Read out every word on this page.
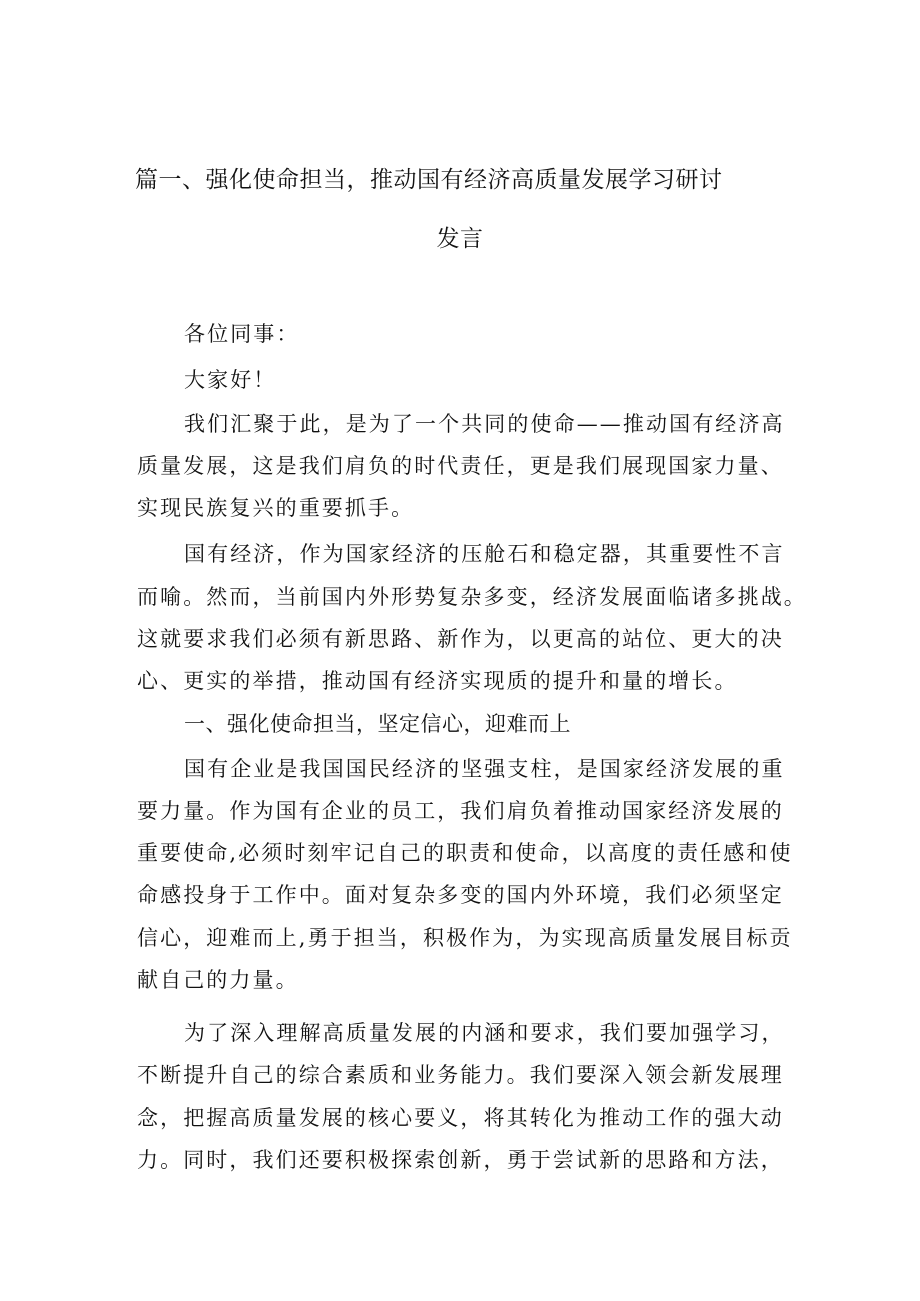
篇一、强化使命担当，推动国有经济高质量发展学习研讨
发言
各位同事：
大家好！
我们汇聚于此，是为了一个共同的使命——推动国有经济高
质量发展，这是我们肩负的时代责任，更是我们展现国家力量、
实现民族复兴的重要抓手。
国有经济，作为国家经济的压舱石和稳定器，其重要性不言
而喻。然而，当前国内外形势复杂多变，经济发展面临诸多挑战。
这就要求我们必须有新思路、新作为，以更高的站位、更大的决
心、更实的举措，推动国有经济实现质的提升和量的增长。
一、强化使命担当，坚定信心，迎难而上
国有企业是我国国民经济的坚强支柱，是国家经济发展的重
要力量。作为国有企业的员工，我们肩负着推动国家经济发展的
重要使命,必须时刻牢记自己的职责和使命，以高度的责任感和使
命感投身于工作中。面对复杂多变的国内外环境，我们必须坚定
信心，迎难而上,勇于担当，积极作为，为实现高质量发展目标贡
献自己的力量。
为了深入理解高质量发展的内涵和要求，我们要加强学习，
不断提升自己的综合素质和业务能力。我们要深入领会新发展理
念，把握高质量发展的核心要义，将其转化为推动工作的强大动
力。同时，我们还要积极探索创新，勇于尝试新的思路和方法，
